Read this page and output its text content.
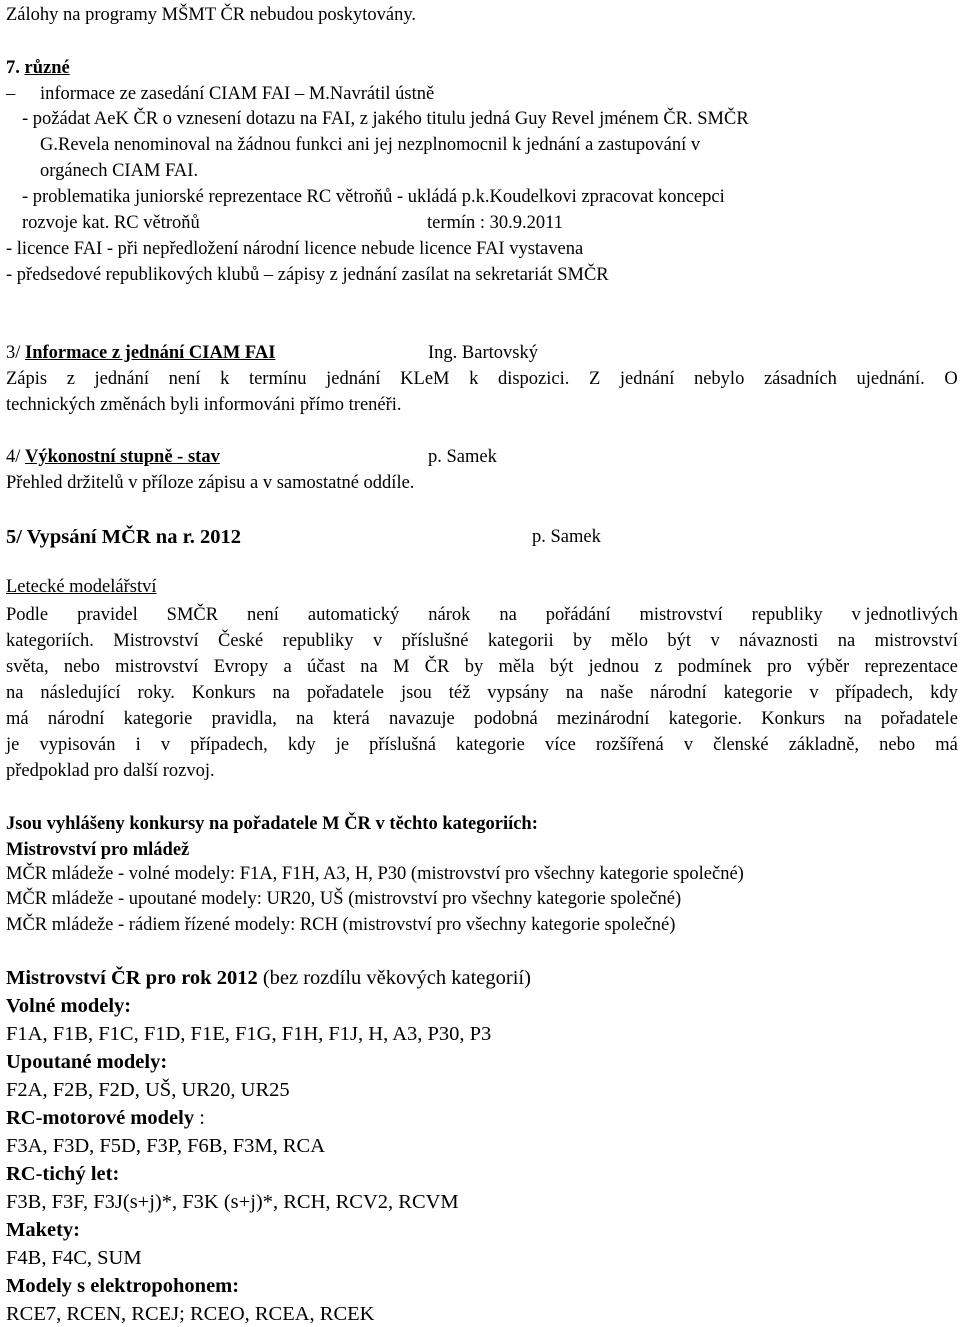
Zálohy na programy MŠMT ČR nebudou poskytovány.
7. různé
– informace ze zasedání CIAM FAI – M.Navrátil ústně
- požádat AeK ČR o vznesení dotazu na FAI, z jakého titulu jedná Guy Revel jménem ČR. SMČR
G.Revela nenominoval na žádnou funkci ani jej nezplnomocnil k jednání a zastupování v
orgánech CIAM FAI.
- problematika juniorské reprezentace RC větroňů - ukládá p.k.Koudelkovi zpracovat koncepci
rozvoje kat. RC větroňů	termín : 30.9.2011
- licence FAI - při nepředložení národní licence nebude licence FAI vystavena
- předsedové republikových klubů – zápisy z jednání zasílat na sekretariát SMČR
3/ Informace z jednání CIAM FAI	Ing. Bartovský
Zápis z jednání není k termínu jednání KLeM k dispozici. Z jednání nebylo zásadních ujednání. O
technických změnách byli informováni přímo trenéři.
4/ Výkonostní stupně - stav	p. Samek
Přehled držitelů v příloze zápisu a v samostatné oddíle.
5/ Vypsání MČR na r. 2012	p. Samek
Letecké modelářství
Podle pravidel SMČR není automatický nárok na pořádání mistrovství republiky v jednotlivých
kategoriích. Mistrovství České republiky v příslušné kategorii by mělo být v návaznosti na mistrovství
světa, nebo mistrovství Evropy a účast na M ČR by měla být jednou z podmínek pro výběr reprezentace
na následující roky. Konkurs na pořadatele jsou též vypsány na naše národní kategorie v případech, kdy
má národní kategorie pravidla, na která navazuje podobná mezinárodní kategorie. Konkurs na pořadatele
je vypisován i v případech, kdy je příslušná kategorie více rozšířená v členské základně, nebo má
předpoklad pro další rozvoj.
Jsou vyhlášeny konkursy na pořadatele M ČR v těchto kategoriích:
Mistrovství pro mládež
MČR mládeže - volné modely: F1A, F1H, A3, H, P30 (mistrovství pro všechny kategorie společné)
MČR mládeže - upoutané modely: UR20, UŠ (mistrovství pro všechny kategorie společné)
MČR mládeže - rádiem řízené modely: RCH (mistrovství pro všechny kategorie společné)
Mistrovství ČR pro rok 2012 (bez rozdílu věkových kategorií)
Volné modely:
F1A, F1B, F1C, F1D, F1E, F1G, F1H, F1J, H, A3, P30, P3
Upoutané modely:
F2A, F2B, F2D, UŠ, UR20, UR25
RC-motorové modely :
F3A, F3D, F5D, F3P, F6B, F3M, RCA
RC-tichý let:
F3B, F3F, F3J(s+j)*, F3K (s+j)*, RCH, RCV2, RCVM
Makety:
F4B, F4C, SUM
Modely s elektropohonem:
RCE7, RCEN, RCEJ; RCEO, RCEA, RCEK
